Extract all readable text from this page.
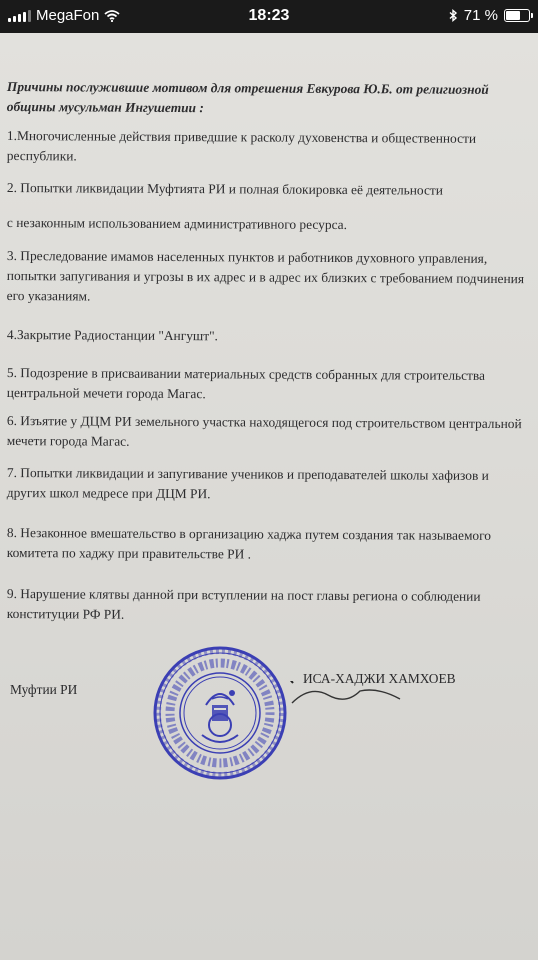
MegaFon	18:23	71 %
Причины послужившие мотивом для отрешения Евкурова Ю.Б. от религиозной общины мусульман Ингушетии :
1.Многочисленные действия приведшие к расколу духовенства и общественности республики.
2. Попытки ликвидации Муфтията РИ и полная блокировка её деятельности
с незаконным использованием административного ресурса.
3. Преследование имамов населенных пунктов и работников духовного управления, попытки запугивания и угрозы в их адрес и в адрес их близких с требованием подчинения его указаниям.
4.Закрытие Радиостанции "Ангушт".
5. Подозрение в присваивании материальных средств собранных для строительства центральной мечети города Магас.
6. Изъятие у ДЦМ РИ земельного участка находящегося под строительством центральной мечети города Магас.
7. Попытки ликвидации и запугивание учеников и преподавателей школы хафизов и других школ медресе при ДЦМ РИ.
8. Незаконное вмешательство в организацию хаджа путем создания так называемого комитета по хаджу при правительстве РИ .
9. Нарушение клятвы данной при вступлении на пост главы региона о соблюдении конституции РФ РИ.
Муфтии РИ
ИСА-ХАДЖИ ХАМХОЕВ
